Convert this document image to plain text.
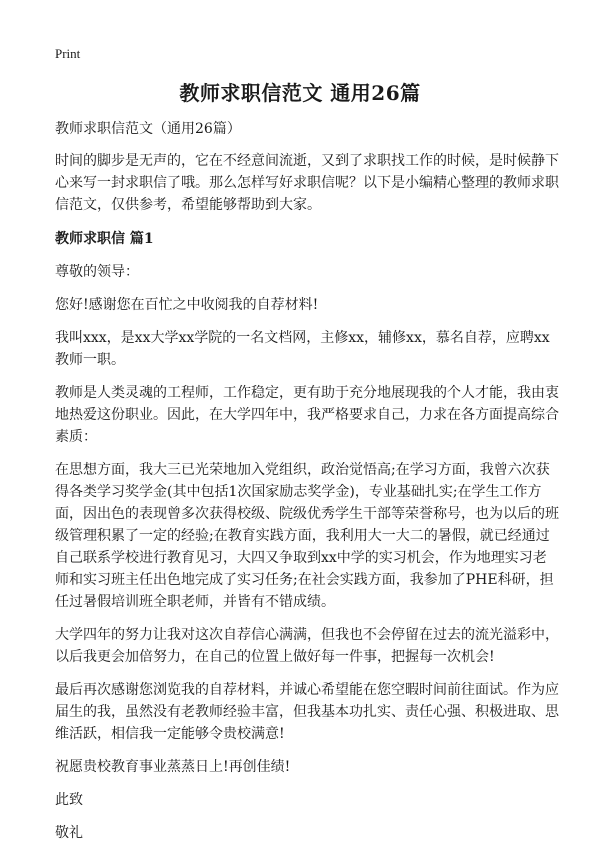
Print
教师求职信范文 通用26篇

教师求职信范文（通用26篇）

时间的脚步是无声的，它在不经意间流逝，又到了求职找工作的时候，是时候静下心来写一封求职信了哦。那么怎样写好求职信呢？以下是小编精心整理的教师求职信范文，仅供参考，希望能够帮助到大家。

教师求职信 篇1

尊敬的领导：

您好!感谢您在百忙之中收阅我的自荐材料!

我叫xxx，是xx大学xx学院的一名文档网，主修xx，辅修xx，慕名自荐，应聘xx教师一职。

教师是人类灵魂的工程师，工作稳定，更有助于充分地展现我的个人才能，我由衷地热爱这份职业。因此，在大学四年中，我严格要求自己，力求在各方面提高综合素质：

在思想方面，我大三已光荣地加入党组织，政治觉悟高;在学习方面，我曾六次获得各类学习奖学金(其中包括1次国家励志奖学金)，专业基础扎实;在学生工作方面，因出色的表现曾多次获得校级、院级优秀学生干部等荣誉称号，也为以后的班级管理积累了一定的经验;在教育实践方面，我利用大一大二的暑假，就已经通过自己联系学校进行教育见习，大四又争取到xx中学的实习机会，作为地理实习老师和实习班主任出色地完成了实习任务;在社会实践方面，我参加了PHE科研，担任过暑假培训班全职老师，并皆有不错成绩。

大学四年的努力让我对这次自荐信心满满，但我也不会停留在过去的流光溢彩中，以后我更会加倍努力，在自己的位置上做好每一件事，把握每一次机会!

最后再次感谢您浏览我的自荐材料，并诚心希望能在您空暇时间前往面试。作为应届生的我，虽然没有老教师经验丰富，但我基本功扎实、责任心强、积极进取、思维活跃，相信我一定能够令贵校满意!

祝愿贵校教育事业蒸蒸日上!再创佳绩!

此致

敬礼
